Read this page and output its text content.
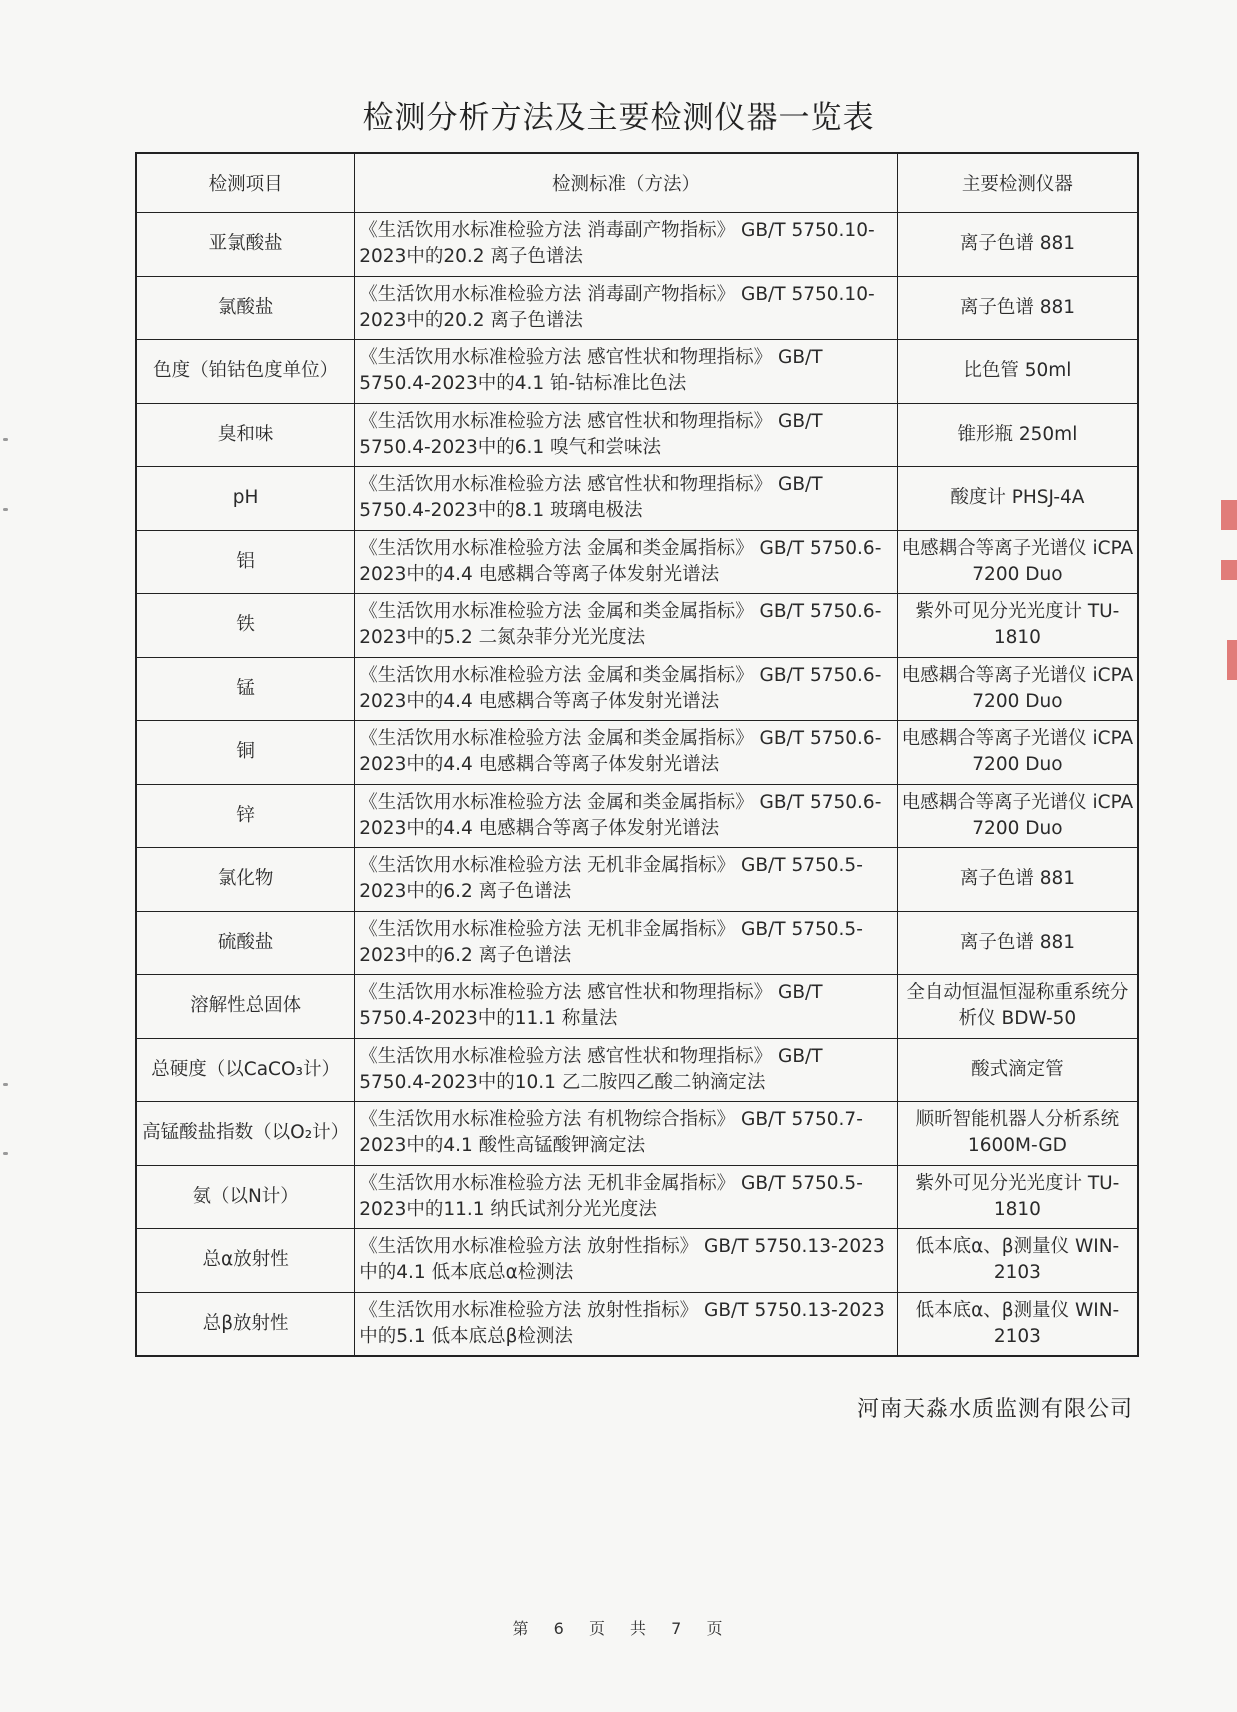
检测分析方法及主要检测仪器一览表
检测项目	检测标准（方法）	主要检测仪器
亚氯酸盐	《生活饮用水标准检验方法 消毒副产物指标》 GB/T 5750.10-2023中的20.2 离子色谱法	离子色谱 881
氯酸盐	《生活饮用水标准检验方法 消毒副产物指标》 GB/T 5750.10-2023中的20.2 离子色谱法	离子色谱 881
色度（铂钴色度单位）	《生活饮用水标准检验方法 感官性状和物理指标》 GB/T 5750.4-2023中的4.1 铂-钴标准比色法	比色管 50ml
臭和味	《生活饮用水标准检验方法 感官性状和物理指标》 GB/T 5750.4-2023中的6.1 嗅气和尝味法	锥形瓶 250ml
pH	《生活饮用水标准检验方法 感官性状和物理指标》 GB/T 5750.4-2023中的8.1 玻璃电极法	酸度计 PHSJ-4A
铝	《生活饮用水标准检验方法 金属和类金属指标》 GB/T 5750.6-2023中的4.4 电感耦合等离子体发射光谱法	电感耦合等离子光谱仪 iCPA 7200 Duo
铁	《生活饮用水标准检验方法 金属和类金属指标》 GB/T 5750.6-2023中的5.2 二氮杂菲分光光度法	紫外可见分光光度计 TU-1810
锰	《生活饮用水标准检验方法 金属和类金属指标》 GB/T 5750.6-2023中的4.4 电感耦合等离子体发射光谱法	电感耦合等离子光谱仪 iCPA 7200 Duo
铜	《生活饮用水标准检验方法 金属和类金属指标》 GB/T 5750.6-2023中的4.4 电感耦合等离子体发射光谱法	电感耦合等离子光谱仪 iCPA 7200 Duo
锌	《生活饮用水标准检验方法 金属和类金属指标》 GB/T 5750.6-2023中的4.4 电感耦合等离子体发射光谱法	电感耦合等离子光谱仪 iCPA 7200 Duo
氯化物	《生活饮用水标准检验方法 无机非金属指标》 GB/T 5750.5-2023中的6.2 离子色谱法	离子色谱 881
硫酸盐	《生活饮用水标准检验方法 无机非金属指标》 GB/T 5750.5-2023中的6.2 离子色谱法	离子色谱 881
溶解性总固体	《生活饮用水标准检验方法 感官性状和物理指标》 GB/T 5750.4-2023中的11.1 称量法	全自动恒温恒湿称重系统分析仪 BDW-50
总硬度（以CaCO₃计）	《生活饮用水标准检验方法 感官性状和物理指标》 GB/T 5750.4-2023中的10.1 乙二胺四乙酸二钠滴定法	酸式滴定管
高锰酸盐指数（以O₂计）	《生活饮用水标准检验方法 有机物综合指标》 GB/T 5750.7-2023中的4.1 酸性高锰酸钾滴定法	顺昕智能机器人分析系统 1600M-GD
氨（以N计）	《生活饮用水标准检验方法 无机非金属指标》 GB/T 5750.5-2023中的11.1 纳氏试剂分光光度法	紫外可见分光光度计 TU-1810
总α放射性	《生活饮用水标准检验方法 放射性指标》 GB/T 5750.13-2023中的4.1 低本底总α检测法	低本底α、β测量仪 WIN-2103
总β放射性	《生活饮用水标准检验方法 放射性指标》 GB/T 5750.13-2023中的5.1 低本底总β检测法	低本底α、β测量仪 WIN-2103
河南天淼水质监测有限公司
第 6 页 共 7 页
